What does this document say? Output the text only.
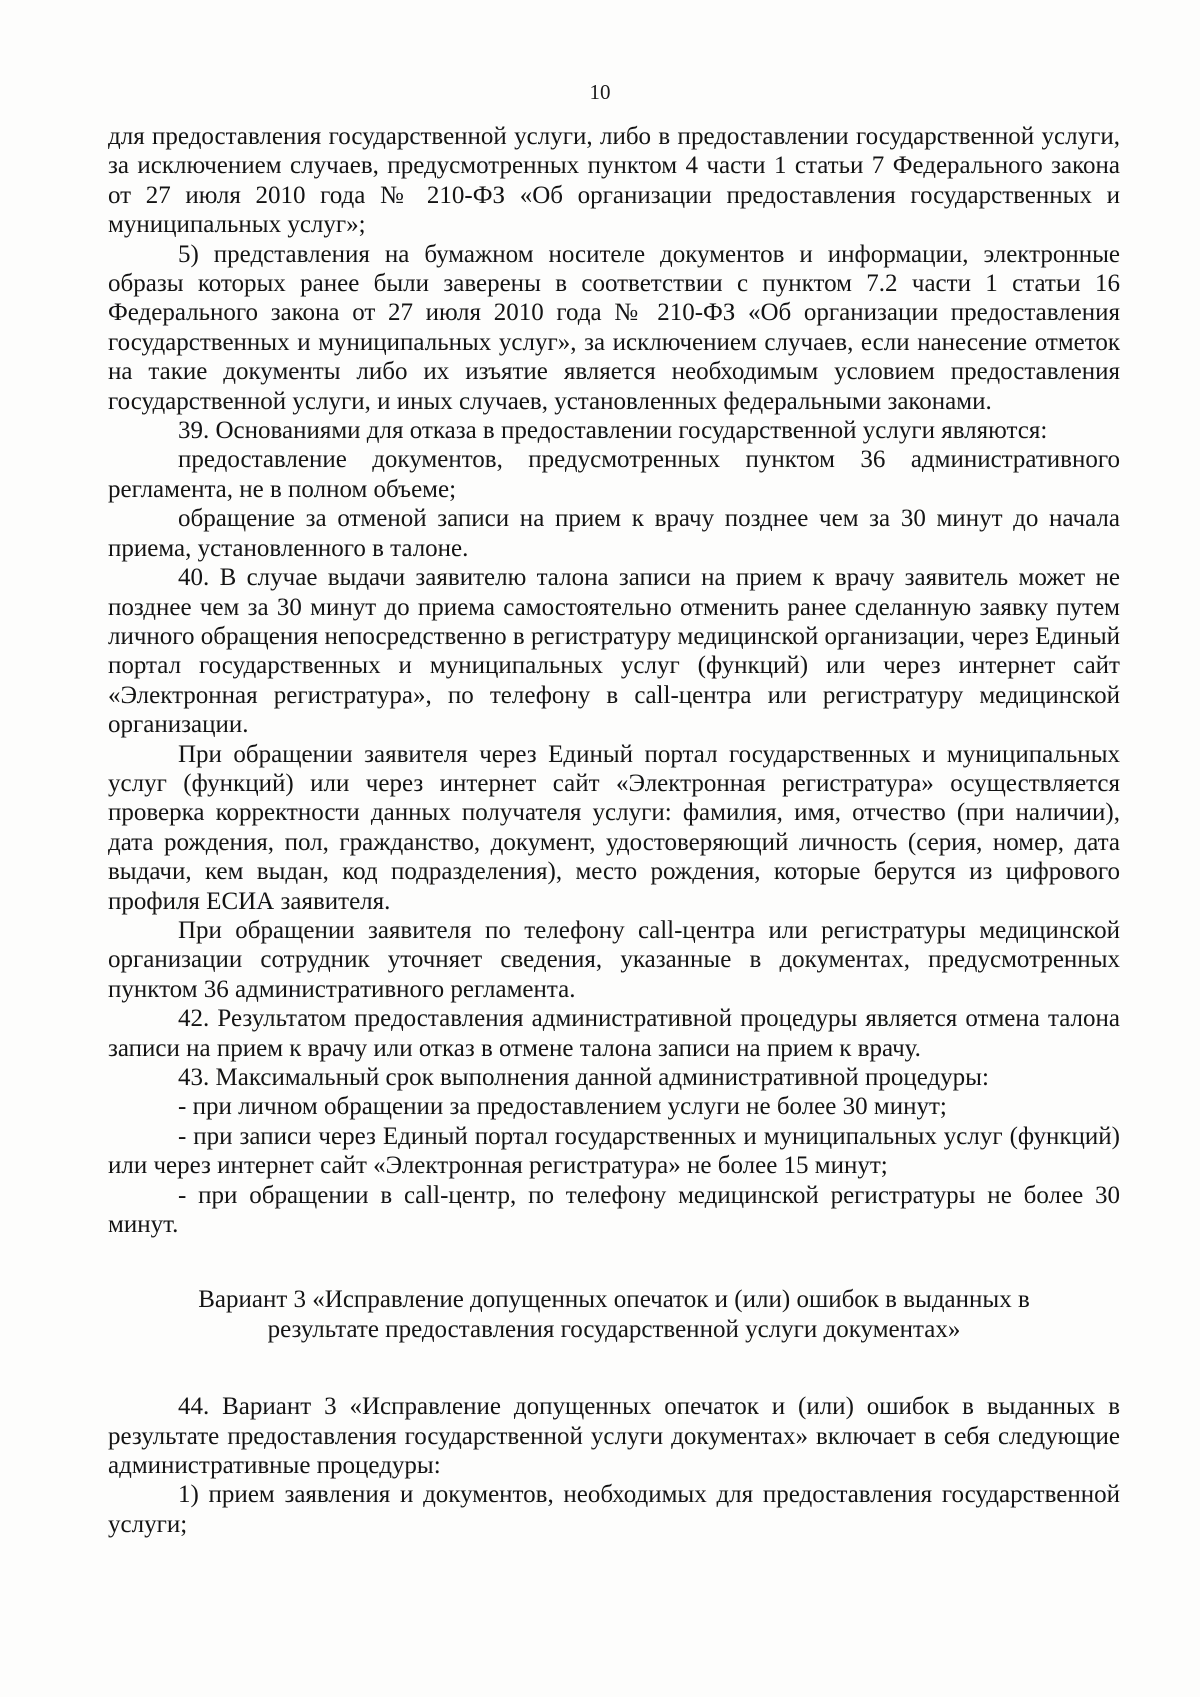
10

для предоставления государственной услуги, либо в предоставлении государственной услуги, за исключением случаев, предусмотренных пунктом 4 части 1 статьи 7 Федерального закона от 27 июля 2010 года № 210-ФЗ «Об организации предоставления государственных и муниципальных услуг»;

5) представления на бумажном носителе документов и информации, электронные образы которых ранее были заверены в соответствии с пунктом 7.2 части 1 статьи 16 Федерального закона от 27 июля 2010 года № 210-ФЗ «Об организации предоставления государственных и муниципальных услуг», за исключением случаев, если нанесение отметок на такие документы либо их изъятие является необходимым условием предоставления государственной услуги, и иных случаев, установленных федеральными законами.

39. Основаниями для отказа в предоставлении государственной услуги являются:

предоставление документов, предусмотренных пунктом 36 административного регламента, не в полном объеме;

обращение за отменой записи на прием к врачу позднее чем за 30 минут до начала приема, установленного в талоне.

40. В случае выдачи заявителю талона записи на прием к врачу заявитель может не позднее чем за 30 минут до приема самостоятельно отменить ранее сделанную заявку путем личного обращения непосредственно в регистратуру медицинской организации, через Единый портал государственных и муниципальных услуг (функций) или через интернет сайт «Электронная регистратура», по телефону в call-центра или регистратуру медицинской организации.

При обращении заявителя через Единый портал государственных и муниципальных услуг (функций) или через интернет сайт «Электронная регистратура» осуществляется проверка корректности данных получателя услуги: фамилия, имя, отчество (при наличии), дата рождения, пол, гражданство, документ, удостоверяющий личность (серия, номер, дата выдачи, кем выдан, код подразделения), место рождения, которые берутся из цифрового профиля ЕСИА заявителя.

При обращении заявителя по телефону call-центра или регистратуры медицинской организации сотрудник уточняет сведения, указанные в документах, предусмотренных пунктом 36 административного регламента.

42. Результатом предоставления административной процедуры является отмена талона записи на прием к врачу или отказ в отмене талона записи на прием к врачу.

43. Максимальный срок выполнения данной административной процедуры:

- при личном обращении за предоставлением услуги не более 30 минут;

- при записи через Единый портал государственных и муниципальных услуг (функций) или через интернет сайт «Электронная регистратура» не более 15 минут;

- при обращении в call-центр, по телефону медицинской регистратуры не более 30 минут.

Вариант 3 «Исправление допущенных опечаток и (или) ошибок в выданных в
результате предоставления государственной услуги документах»

44. Вариант 3 «Исправление допущенных опечаток и (или) ошибок в выданных в результате предоставления государственной услуги документах» включает в себя следующие административные процедуры:

1) прием заявления и документов, необходимых для предоставления государственной услуги;
